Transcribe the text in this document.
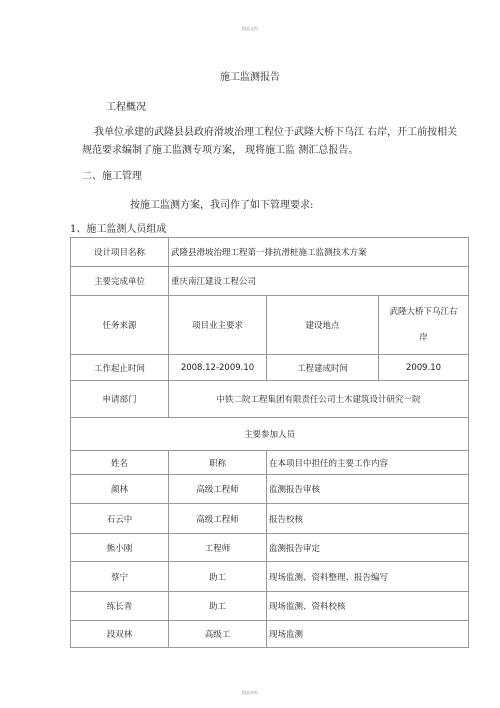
精品文档
施工监测报告
工程概况
我单位承建的武隆县县政府滑坡治理工程位于武隆大桥下乌江 右岸，开工前按相关规范要求编制了施工监测专项方案， 现将施工监 测汇总报告。
二、施工管理
按施工监测方案，我司作了如下管理要求:
1、施工监测人员组成
设计项目名称	武隆县滑坡治理工程第一排抗滑桩施工监测技术方案		
主要完成单位	重庆南江建设工程公司		
任务来源	项目业主要求	建设地点	武隆大桥下乌江右
岸

工作起止时间	2008.12-2009.10	工程建成时间	2009.10
申请部门	中铁二院工程集团有限责任公司土木建筑设计研究一院		
主要参加人员			
姓名	职称	在本项目中担任的主要工作内容	
颜林	高级工程师	监测报告审核	
石云中	高级工程师	报告校核	
熊小刚	工程师	监测报告审定	
蔡宁	助工	现场监测、资料整理、报告编写	
练长青	助工	现场监测、资料校核	
段双林	高级工	现场监测	
精品资料
